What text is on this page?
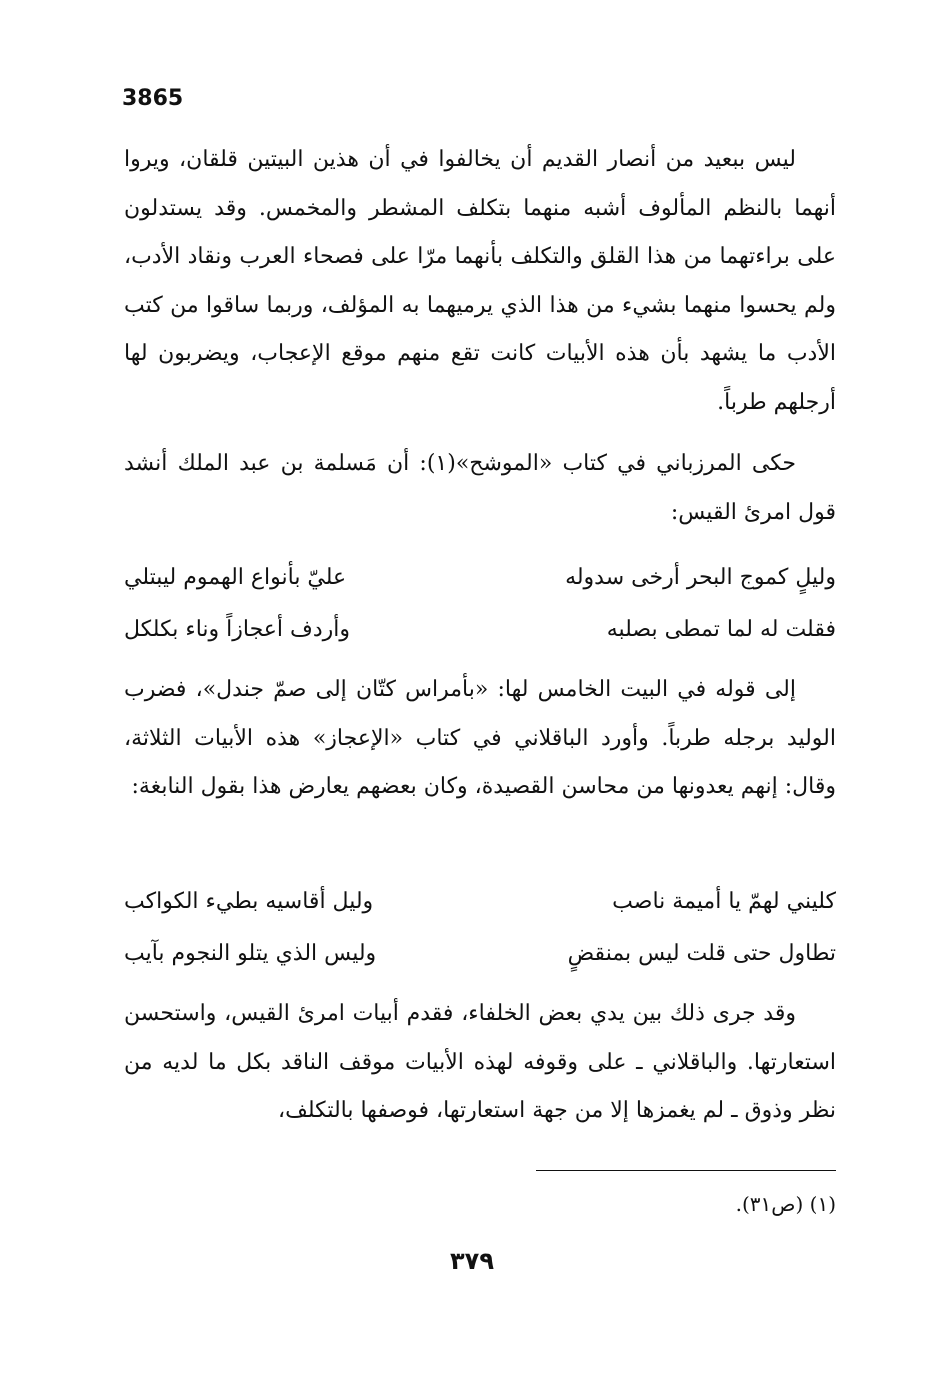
3865

ليس ببعيد من أنصار القديم أن يخالفوا في أن هذين البيتين قلقان، ويروا أنهما بالنظم المألوف أشبه منهما بتكلف المشطر والمخمس. وقد يستدلون على براءتهما من هذا القلق والتكلف بأنهما مرّا على فصحاء العرب ونقاد الأدب، ولم يحسوا منهما بشيء من هذا الذي يرميهما به المؤلف، وربما ساقوا من كتب الأدب ما يشهد بأن هذه الأبيات كانت تقع منهم موقع الإعجاب، ويضربون لها أرجلهم طرباً.

حكى المرزباني في كتاب «الموشح»(١): أن مَسلمة بن عبد الملك أنشد قول امرئ القيس:

وليلٍ كموج البحر أرخى سدوله
عليّ بأنواع الهموم ليبتلي
فقلت له لما تمطى بصلبه
وأردف أعجازاً وناء بكلكل

إلى قوله في البيت الخامس لها: «بأمراس كتّان إلى صمّ جندل»، فضرب الوليد برجله طرباً. وأورد الباقلاني في كتاب «الإعجاز» هذه الأبيات الثلاثة، وقال: إنهم يعدونها من محاسن القصيدة، وكان بعضهم يعارض هذا بقول النابغة:

كليني لهمّ يا أميمة ناصب
وليل أقاسيه بطيء الكواكب
تطاول حتى قلت ليس بمنقضٍ
وليس الذي يتلو النجوم بآيب

وقد جرى ذلك بين يدي بعض الخلفاء، فقدم أبيات امرئ القيس، واستحسن استعارتها. والباقلاني ـ على وقوفه لهذه الأبيات موقف الناقد بكل ما لديه من نظر وذوق ـ لم يغمزها إلا من جهة استعارتها، فوصفها بالتكلف،

(١) (ص٣١).
٣٧٩
